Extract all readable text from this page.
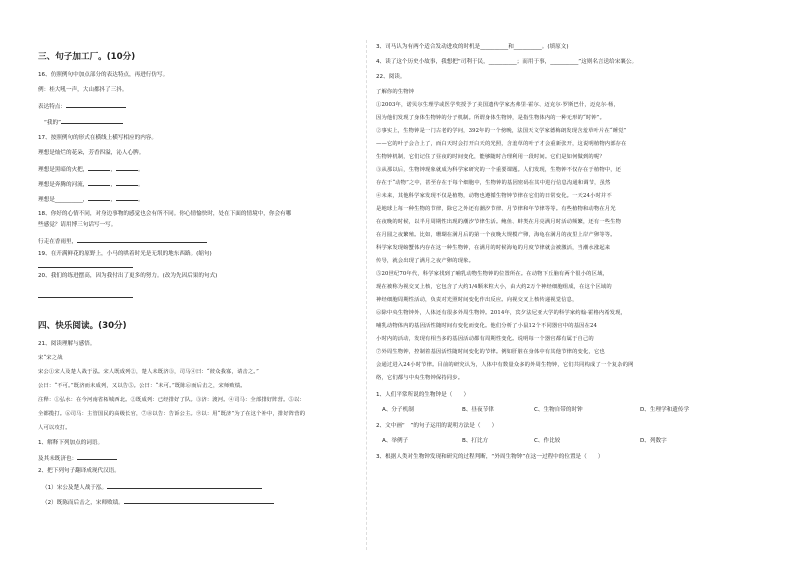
三、句子加工厂。(10分)
16、仿照例句中加点部分的表达特点，再进行仿写。
例：桂大吼一声，大山都抖了三抖。
表达特点：
“我的”
17、按照例句的形式在横线上横写相应的内容。
理想是灿烂的花朵，芳香四溢，沁人心脾。
理想是黑暗的火把，	，	。
理想是奔腾的河流，	，	。
理想是__________，	，	。
18、你好的心情不同，对身边事物的感觉也会有所不同。你心情愉快时，处在下面的情境中，你会有哪
些感觉？请用博三句话写一写。
行走在香雨里，
19、在开满鲜花的原野上，小马的哄着时光是无垠的地东西路。(缩句)
20、我们的练进摆高，因为我付出了更多的努力。(改为先因后果的句式)
四、快乐阅读。(30分)
21、阅读理解与感悟。
宋“宋之战
宋公①宋人及楚人战于泓。宋人既成列②，楚人未既济③，司马④曰：“彼众我寡，请击之。”
公曰：“不可。”既济而未成列，又以告⑤。公曰：“未可。”既陈⑥而后击之，宋师败绩。
注释：①弘水：在今河南省柘城西北。②既成列：已经排好了队。③济：渡河。④司马：全部排好阵营。⑤以：
全都揽打。⑥司马：主管国民的高级长官，⑦⑧以告：告诉公主。⑨以：用“既济”为了在这个补中，排好阵营的
人可以攻打。
1、解释下列加点的词语。
及其未既济也：
2、把下列句子翻译成现代汉语。
（1）宋公及楚人战于泓。
（2）既陈而后击之，宋师败绩。
3、司马认为有两个适合发动进攻的时机是__________和__________。(填原文)
4、读了这个历史小故事，我想把“司利于民，__________；而用于事，__________”这则名言送给宋襄公。
22、阅读。
了解你的生物钟
①2003年，诺贝尔生理学或医学奖授予了美国遗传学家杰弗里·霍尔、迈克尔·罗斯巴什，迈克尔·杨，
因为他们发现了身体生物钟的分子机制。所谓身体生物钟，是指生物体内的一种无形的“时钟”。
②事实上，生物钟是一门古老的学问，392年的一个傍晚，法国天文学家德梅朗发现含羞草叶片在“睡觉”
——它的叶子会合上了，而白天时会打开白天的光照，含羞草的叶子才会重新张开，这说明植物内部存在
生物钟机制，它们记住了昼夜的时间变化，能够随时合理利用一段时间。它们是如何做到的呢？
③从那以后，生物钟现象就成为科学家研究的一个重要课题。人们发现，生物钟不仅存在于植物中，还
存在于“动物”之中，甚至存在于每个细胞中，生物钟的基因密码在其中进行信息沟通和调节，虽然
④未来，其他科学家发现不仅是植物，动物也遵循生物钟节律在它们的日常变化。一天24小时并不
是地球上每一种生物的节律，除它之外还有潮汐节律、月节律和年节律等等。有些植物和动物在月光
在夜晚的时候，以半月周期性出现的潮汐节律生活。鲍鱼、蚌类在月亮满月时活动频繁，还有一些生物
在月圆之夜繁殖。比如，珊瑚在满月后的第一个夜晚大规模产卵，海龟在满月的夜里上岸产卵等等。
科学家发现螃蟹体内存在这一种生物钟，在满月的时候海龟的月度节律就会被激活，当潮水涨起来
传导，就会出现了满月之夜产卵的现象。
⑤20世纪70年代，科学家找到了哺乳动物生物钟的位置所在。在动物下丘脑有两个很小的区域，
现在被称为视交叉上核，它包含了大约1/4颗米粒大小，由大约2万个神经细胞组成，在这个区域的
神经细胞周期性活动，负责对光照时间变化作出反应。向视交叉上核传递视觉信息，
⑥除中央生物钟外，人体还有很多外周生物钟。2014年，宾夕法尼亚大学的科学家约翰·霍格内希发现，
哺乳动物体内的基因活性随时间有变化而变化。他们分析了小鼠12个不同器官中的基因在24
小时内的活动，发现有相当多的基因活动都有周期性变化。说明每一个器官都有属于自己的
⑦外周生物钟，控制着基因活性随时间变化的节律。例如肝脏在身体中有其他节律的变化，它也
会通过进入24小时节律。目前的研究认为，人体中有数量众多的外周生物钟，它们共同构成了一个复杂的网
络，它们都与中央生物钟保持同步。
1、人们平常所说的生物钟是（　　）
A、分子机制	B、昼夜节律	C、生物自带的时钟	D、生理学和遗传学
2、文中画“　”的句子运用的说明方法是（　　）
A、举例子	B、打比方	C、作比较	D、列数字
3、根据人类对生物钟发现和研究的过程判断，“外周生物钟”在这一过程中的位置是（　　）
